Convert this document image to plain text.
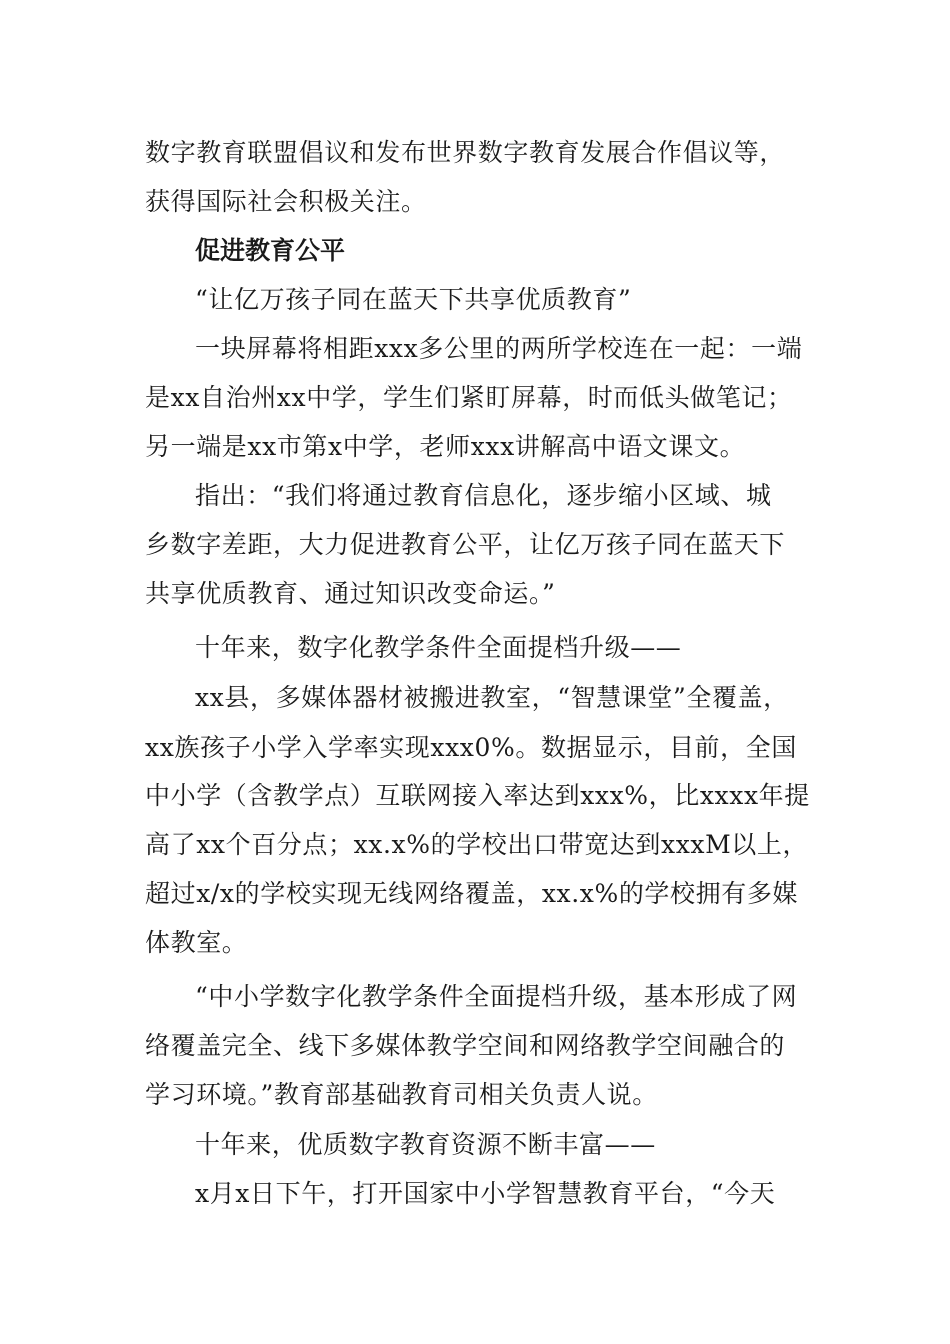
数字教育联盟倡议和发布世界数字教育发展合作倡议等，
获得国际社会积极关注。
促进教育公平
“让亿万孩子同在蓝天下共享优质教育”
一块屏幕将相距xxx多公里的两所学校连在一起：一端
是xx自治州xx中学，学生们紧盯屏幕，时而低头做笔记；
另一端是xx市第x中学，老师xxx讲解高中语文课文。
指出：“我们将通过教育信息化，逐步缩小区域、城
乡数字差距，大力促进教育公平，让亿万孩子同在蓝天下
共享优质教育、通过知识改变命运。”
十年来，数字化教学条件全面提档升级——
xx县，多媒体器材被搬进教室，“智慧课堂”全覆盖，
xx族孩子小学入学率实现xxx0%。数据显示，目前，全国
中小学（含教学点）互联网接入率达到xxx%，比xxxx年提
高了xx个百分点；xx.x%的学校出口带宽达到xxxM以上，
超过x/x的学校实现无线网络覆盖，xx.x%的学校拥有多媒
体教室。
“中小学数字化教学条件全面提档升级，基本形成了网
络覆盖完全、线下多媒体教学空间和网络教学空间融合的
学习环境。”教育部基础教育司相关负责人说。
十年来，优质数字教育资源不断丰富——
x月x日下午，打开国家中小学智慧教育平台，“今天
